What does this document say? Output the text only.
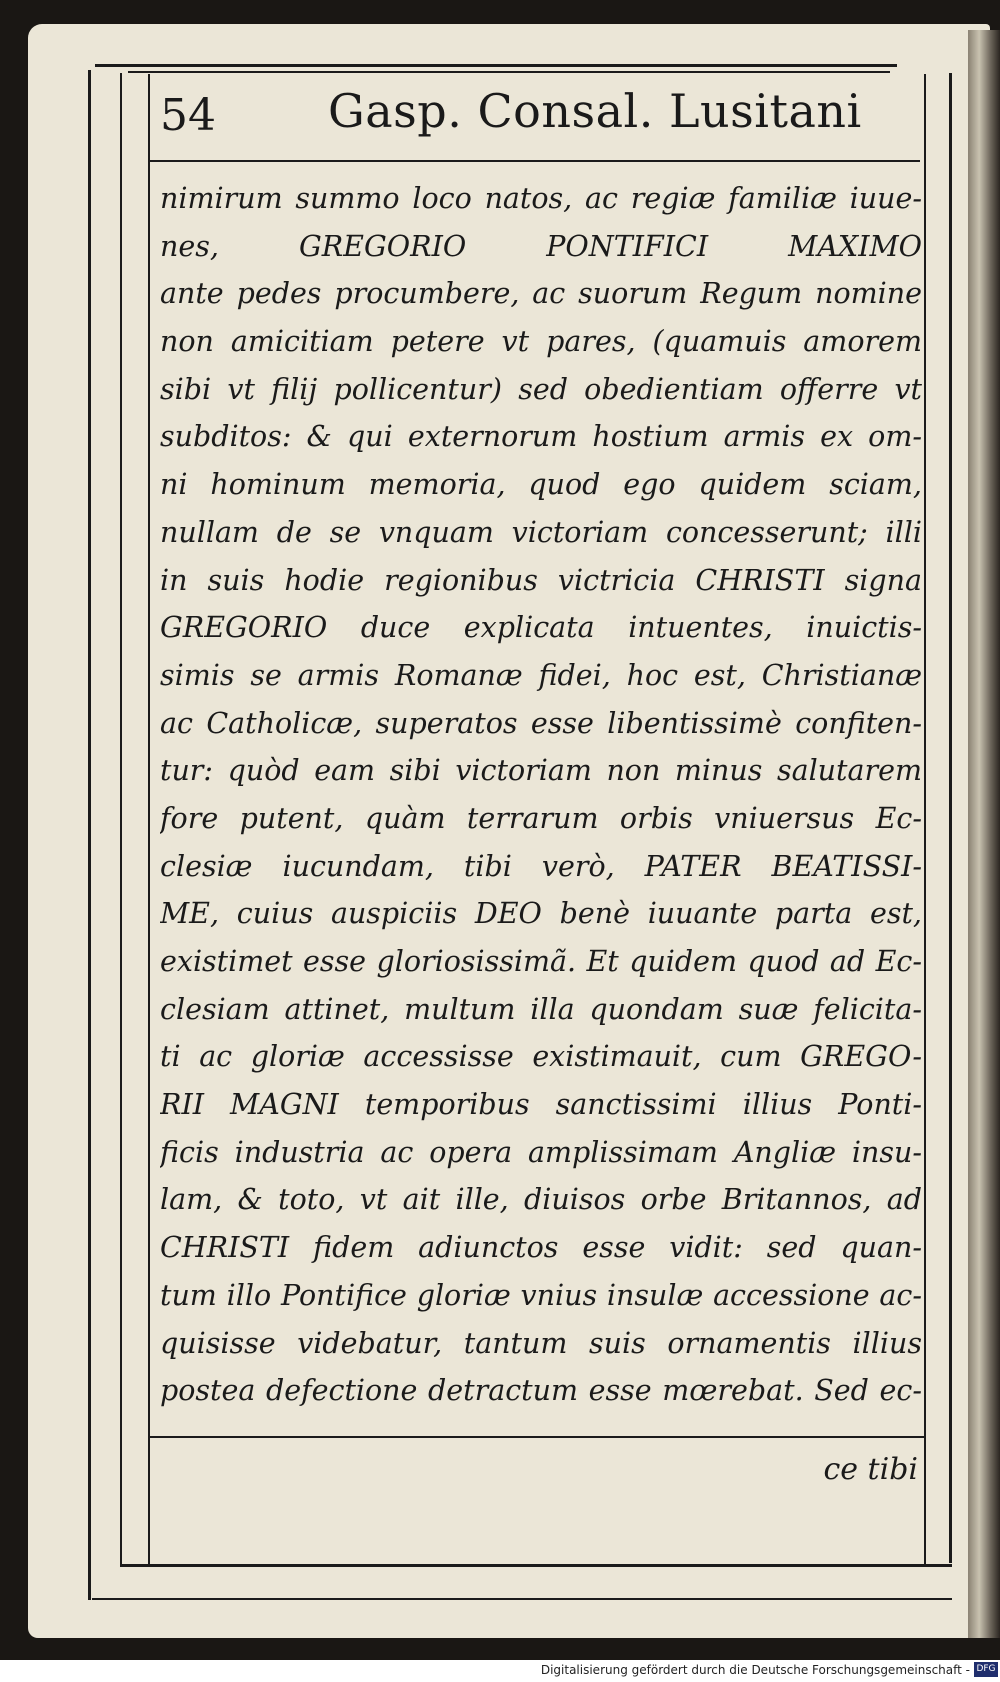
54 Gasp. Consal. Lusitani
nimirum summo loco natos, ac regiæ familiæ iuue-
nes, GREGORIO PONTIFICI MAXIMO
ante pedes procumbere, ac suorum Regum nomine
non amicitiam petere vt pares, (quamuis amorem
sibi vt filij pollicentur) sed obedientiam offerre vt
subditos: & qui externorum hostium armis ex om-
ni hominum memoria, quod ego quidem sciam,
nullam de se vnquam victoriam concesserunt; illi
in suis hodie regionibus victricia CHRISTI signa
GREGORIO duce explicata intuentes, inuictis-
simis se armis Romanæ fidei, hoc est, Christianæ
ac Catholicæ, superatos esse libentissimè confiten-
tur: quòd eam sibi victoriam non minus salutarem
fore putent, quàm terrarum orbis vniuersus Ec-
clesiæ iucundam, tibi verò, PATER BEATISSI-
ME, cuius auspiciis DEO benè iuuante parta est,
existimet esse gloriosissimã. Et quidem quod ad Ec-
clesiam attinet, multum illa quondam suæ felicita-
ti ac gloriæ accessisse existimauit, cum GREGO-
RII MAGNI temporibus sanctissimi illius Ponti-
ficis industria ac opera amplissimam Angliæ insu-
lam, & toto, vt ait ille, diuisos orbe Britannos, ad
CHRISTI fidem adiunctos esse vidit: sed quan-
tum illo Pontifice gloriæ vnius insulæ accessione ac-
quisisse videbatur, tantum suis ornamentis illius
postea defectione detractum esse mœrebat. Sed ec-
ce tibi
Digitalisierung gefördert durch die Deutsche Forschungsgemeinschaft - DFG
